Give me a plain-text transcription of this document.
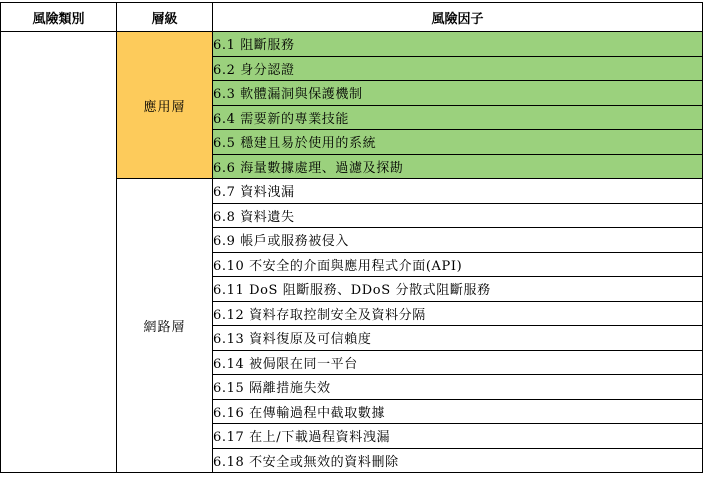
風險類別	層級	風險因子
	應用層	6.1 阻斷服務
		6.2 身分認證
		6.3 軟體漏洞與保護機制
		6.4 需要新的專業技能
		6.5 穩建且易於使用的系統
		6.6 海量數據處理、過濾及探勘
	網路層	6.7 資料洩漏
		6.8 資料遺失
		6.9 帳戶或服務被侵入
		6.10 不安全的介面與應用程式介面(API)
		6.11 DoS 阻斷服務、DDoS 分散式阻斷服務
		6.12 資料存取控制安全及資料分隔
		6.13 資料復原及可信賴度
		6.14 被侷限在同一平台
		6.15 隔離措施失效
		6.16 在傳輸過程中截取數據
		6.17 在上/下載過程資料洩漏
		6.18 不安全或無效的資料刪除
